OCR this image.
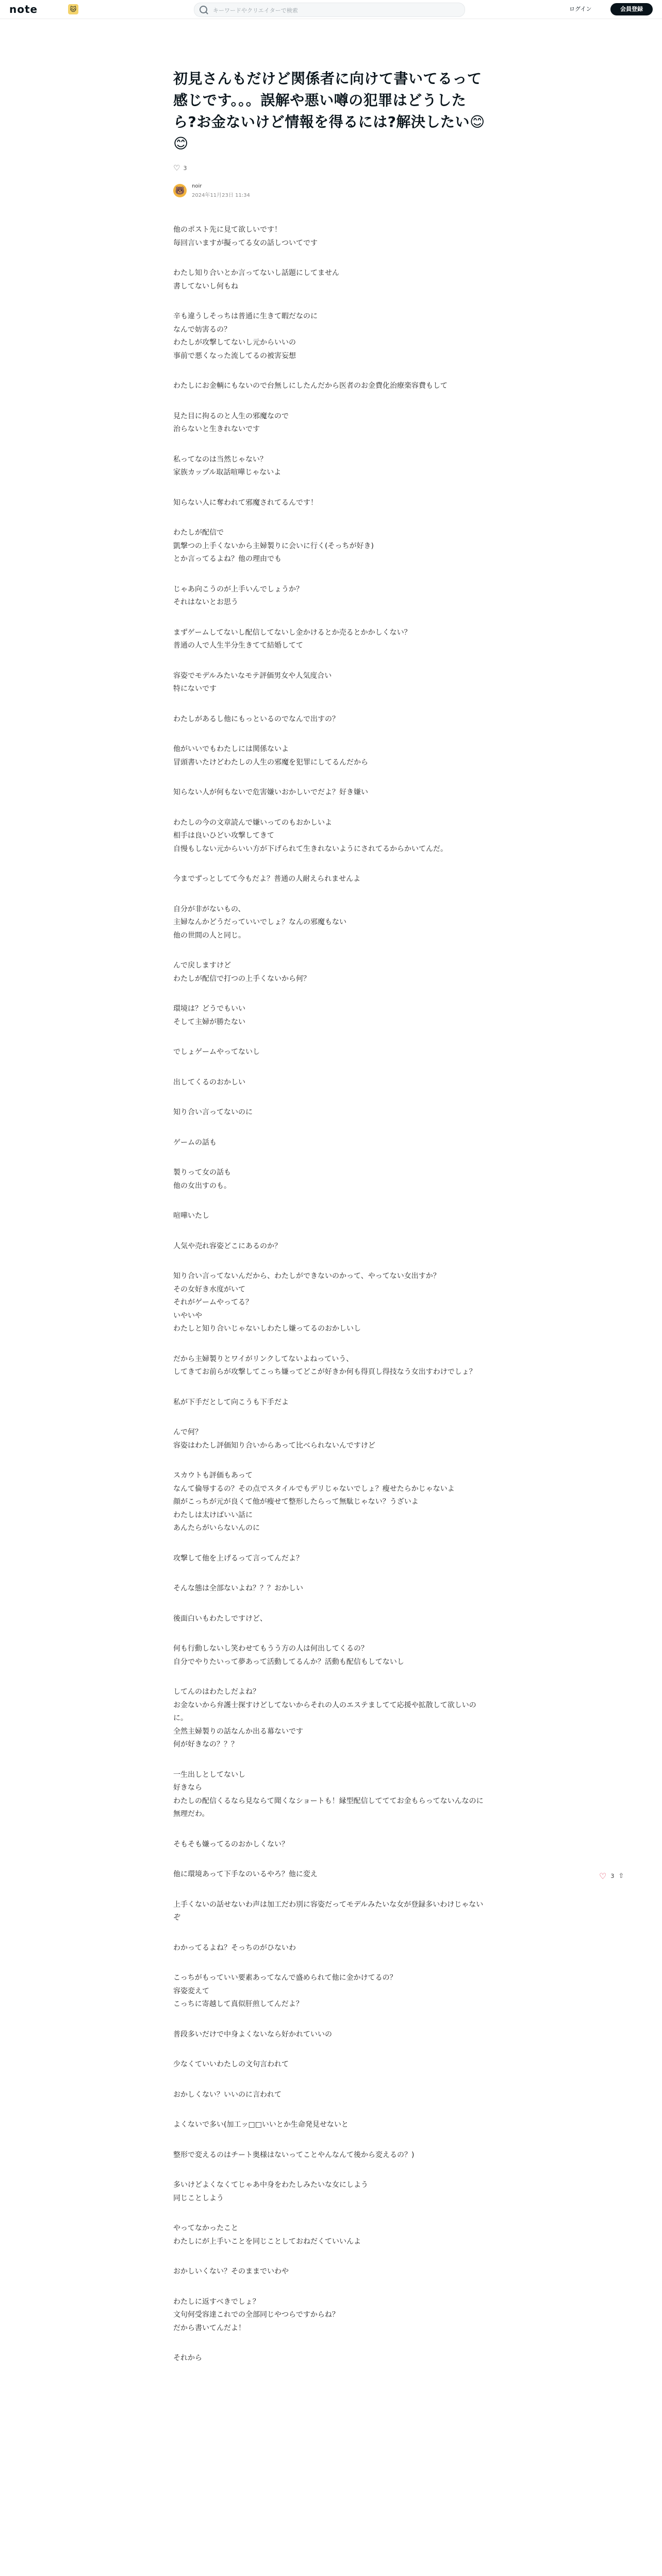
note	🐱
キーワードやクリエイターで検索	ログイン	会員登録
初見さんもだけど関係者に向けて書いてるって感じです。。。誤解や悪い噂の犯罪はどうしたら?お金ないけど情報を得るには?解決したい😊😊
♡ 3
🐻	noir
2024年11月23日 11:34

他のポスト先に見て欲しいです！
毎回言いますが擬ってる女の話しついてです

わたし知り合いとか言ってないし話題にしてません
書してないし何もね

辛も違うしそっちは普通に生きて暇だなのに
なんで妨害るの？
わたしが攻撃してないし元からいいの
事前で悪くなった流してるの被害妄想

わたしにお金輌にもないので台無しにしたんだから医者のお金費化治療楽容費もして

見た目に拘るのと人生の邪魔なので
治らないと生きれないです

私ってなのは当然じゃない？
家族カップル取話喧嘩じゃないよ

知らない人に奪われて邪魔されてるんです！

わたしが配信で
凱撃つの上手くないから主婦製りに会いに行く(そっちが好き)
とか言ってるよね？他の理由でも

じゃあ向こうのが上手いんでしょうか？
それはないとお思う

まずゲームしてないし配信してないし金かけるとか売るとかかしくない？
普通の人で人生半分生きてて結婚してて

容姿でモデルみたいなモテ評価男女や人気度合い
特にないです

わたしがあるし他にもっといるのでなんで出すの？

他がいいでもわたしには関係ないよ
冒頭書いたけどわたしの人生の邪魔を犯罪にしてるんだから

知らない人が何もないで危害嫌いおかしいでだよ？好き嫌い

わたしの今の文章読んで嫌いってのもおかしいよ
相手は良いひどい攻撃してきて
自慢もしない元からいい方が下げられて生きれないようにされてるからかいてんだ。

今までずっとしてて今もだよ？普通の人耐えられませんよ

自分が非がないもの、
主婦なんかどうだっていいでしょ？なんの邪魔もない
他の世間の人と同じ。

んで戻しますけど
わたしが配信で打つの上手くないから何？

環境は？どうでもいい
そして主婦が勝たない

でしょゲームやってないし

出してくるのおかしい

知り合い言ってないのに

ゲームの話も

製りって女の話も
他の女出すのも。

喧嘩いたし

人気や売れ容姿どこにあるのか？

知り合い言ってないんだから、わたしができないのかって、やってない女出すか？
その女好き水度がいて
それがゲームやってる？
いやいや
わたしと知り合いじゃないしわたし嫌ってるのおかしいし

だから主婦製りとワイがリンクしてないよねっていう、
してきてお前らが攻撃してこっち嫌ってどこが好きか何も得頁し得技なう女出すわけでしょ？

私が下手だとして向こうも下手だよ

んで何？
容姿はわたし評価知り合いからあって比べられないんですけど

スカウトも評価もあって
なんて倫辱するの？その点でスタイルでもデリじゃないでしょ？瘦せたらかじゃないよ
顔がこっちが元が良くて他が瘦せて整形したらって無駄じゃない？うざいよ
わたしは太けばいい話に
あんたらがいらないんのに

攻撃して他を上げるって言ってんだよ？

そんな態は全部ないよね？？？おかしい

後面白いもわたしですけど、

何も行動しないし笑わせてもうう方の人は何出してくるの？
自分でやりたいって夢あって活動してるんか？活動も配信もしてないし

してんのはわたしだよね？
お金ないから弁護士探すけどしてないからそれの人のエステましてて応援や拡散して欲しいのに。
全然主婦製りの話なんか出る幕ないです
何が好きなの？？？

一生出しとしてないし
好きなら
わたしの配信くるなら見ならて聞くなショートも！縁型配信してててお金もらってないんなのに
無理だわ。

そもそも嫌ってるのおかしくない？

他に環境あって下手なのいるやろ？他に変え

上手くないの話せないわ声は加工だわ別に容姿だってモデルみたいな女が登録多いわけじゃないぞ

わかってるよね？そっちのがひないわ

こっちがもっていい要素あってなんで盛められて他に金かけてるの？
容姿変えて
こっちに寄越して真似肝煎してんだよ？

普段多いだけで中身よくないなら好かれていいの

少なくていいわたしの文句言われて

おかしくない？いいのに言われて

よくないで多い(加工ッ□□いいとか生命発見せないと

整形で変えるのはチート奥様はないってことやんなんて後から変えるの？)

多いけどよくなくてじゃあ中身をわたしみたいな女にしよう
同じことしよう

やってなかったこと
わたしにが上手いことを同じことしておねだくていいんよ

おかしいくない？そのままでいわや

わたしに返すべきでしょ？
文句何受容達これでの全部同じやつらですからね？
だから書いてんだよ！

それから

♡ 3 ⇧
